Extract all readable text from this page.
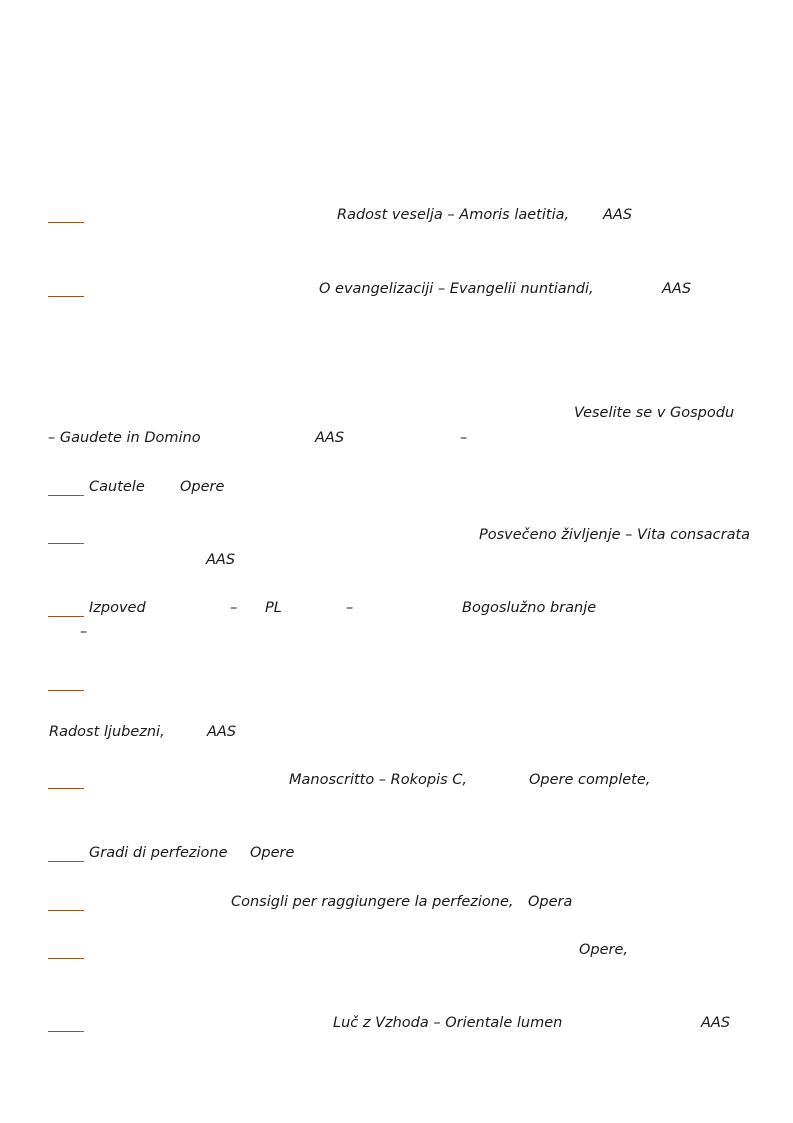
Radost veselja – Amoris laetitia, AAS
O evangelizaciji – Evangelii nuntiandi,	AAS
Veselite se v Gospodu
– Gaudete in Domino	AAS	–
Cautele Opere
Posvečeno življenje – Vita consacrata
AAS
Izpoved	– PL	–	Bogoslužno branje
–
Radost ljubezni,	AAS
Manoscritto – Rokopis C,	Opere complete,
Gradi di perfezione Opere
Consigli per raggiungere la perfezione, Opera
Opere,
Luč z Vzhoda – Orientale lumen	AAS
